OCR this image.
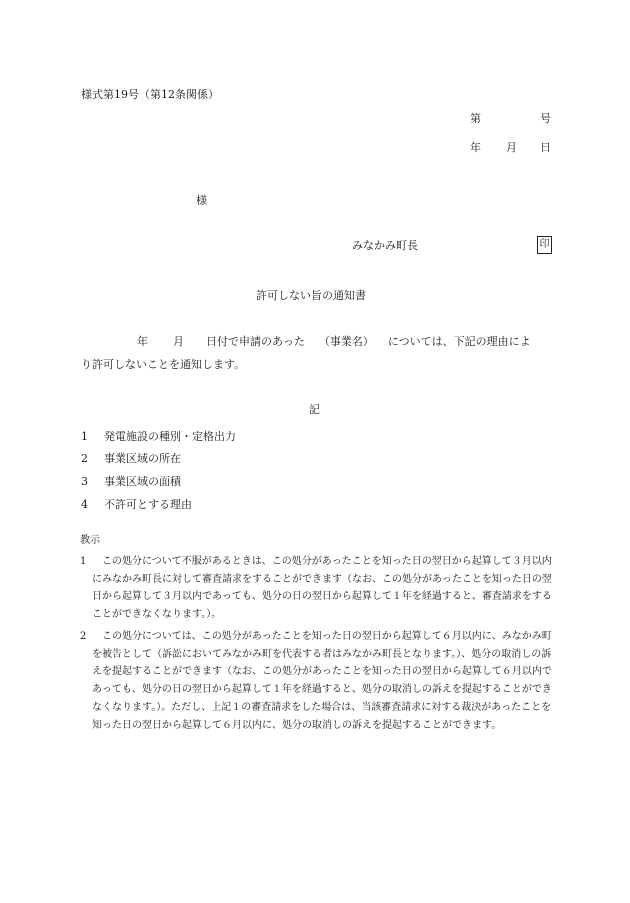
様式第19号（第12条関係）
第	号
年 月 日
様
みなかみ町長	印
許可しない旨の通知書
年 月 日付で申請のあった （事業名） については、下記の理由によ
り許可しないことを通知します。
記
1 発電施設の種別・定格出力
2 事業区域の所在
3 事業区域の面積
4 不許可とする理由
教示
1	この処分について不服があるときは、この処分があったことを知った日の翌日から起算して３月以内にみなかみ町長に対して審査請求をすることができます（なお、この処分があったことを知った日の翌日から起算して３月以内であっても、処分の日の翌日から起算して１年を経過すると、審査請求をすることができなくなります。）。
2	この処分については、この処分があったことを知った日の翌日から起算して６月以内に、みなかみ町を被告として（訴訟においてみなかみ町を代表する者はみなかみ町長となります。）、処分の取消しの訴えを提起することができます（なお、この処分があったことを知った日の翌日から起算して６月以内であっても、処分の日の翌日から起算して１年を経過すると、処分の取消しの訴えを提起することができなくなります。）。ただし、上記１の審査請求をした場合は、当該審査請求に対する裁決があったことを知った日の翌日から起算して６月以内に、処分の取消しの訴えを提起することができます。
